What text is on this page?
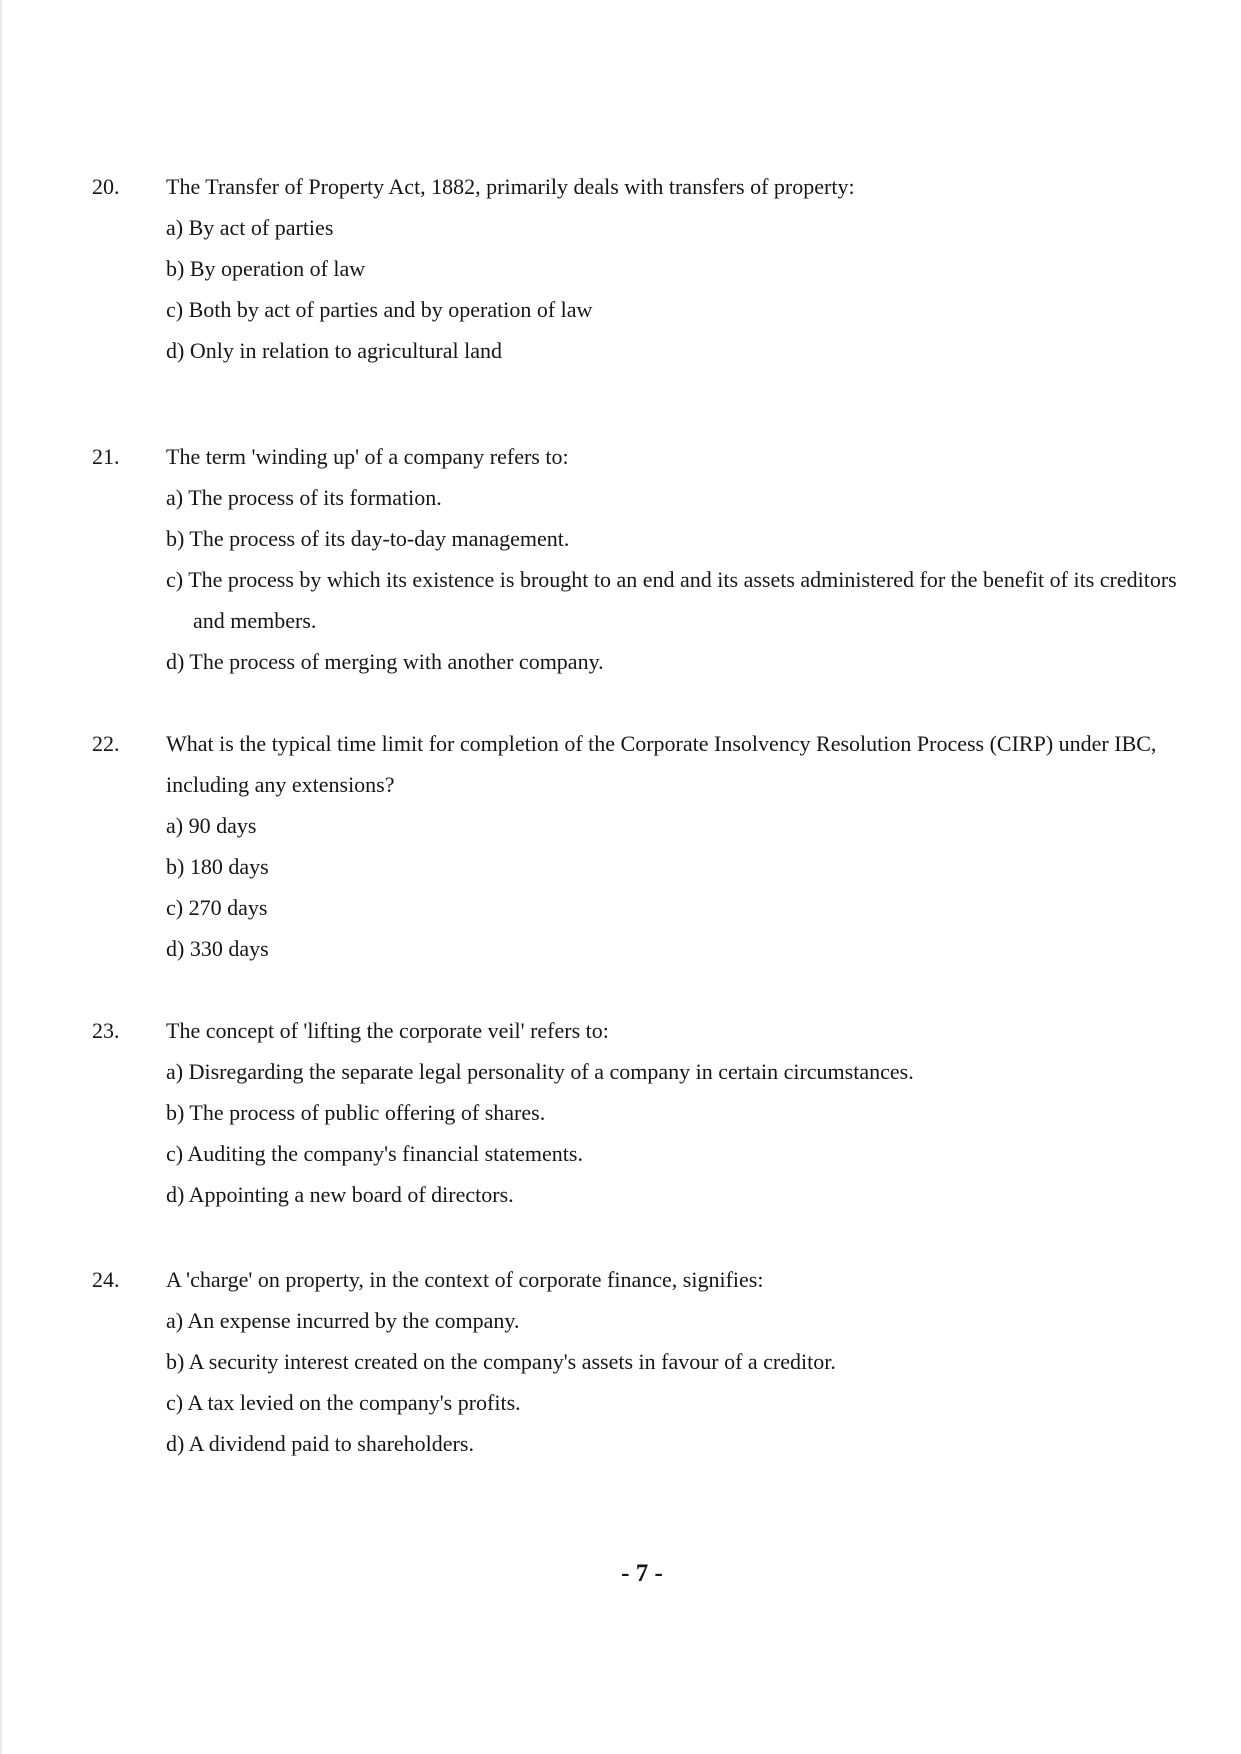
20. The Transfer of Property Act, 1882, primarily deals with transfers of property:

a) By act of parties
b) By operation of law
c) Both by act of parties and by operation of law
d) Only in relation to agricultural land
21. The term 'winding up' of a company refers to:

a) The process of its formation.
b) The process of its day-to-day management.
c) The process by which its existence is brought to an end and its assets administered for the benefit of its creditors and members.
d) The process of merging with another company.
22. What is the typical time limit for completion of the Corporate Insolvency Resolution Process (CIRP) under IBC, including any extensions?

a) 90 days
b) 180 days
c) 270 days
d) 330 days
23. The concept of 'lifting the corporate veil' refers to:

a) Disregarding the separate legal personality of a company in certain circumstances.
b) The process of public offering of shares.
c) Auditing the company's financial statements.
d) Appointing a new board of directors.
24. A 'charge' on property, in the context of corporate finance, signifies:

a) An expense incurred by the company.
b) A security interest created on the company's assets in favour of a creditor.
c) A tax levied on the company's profits.
d) A dividend paid to shareholders.
- 7 -
